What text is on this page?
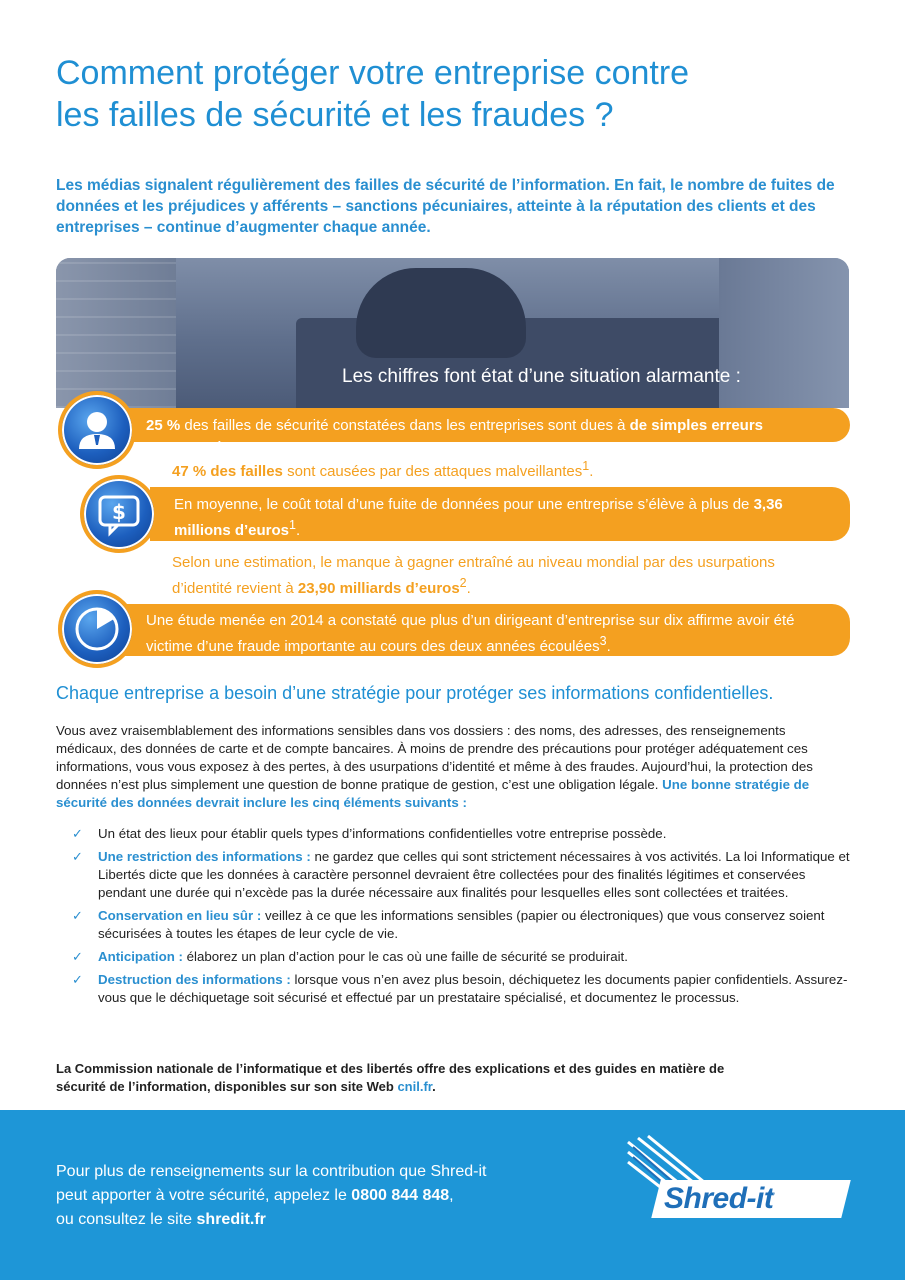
Comment protéger votre entreprise contre
les failles de sécurité et les fraudes ?

Les médias signalent régulièrement des failles de sécurité de l’information. En fait, le nombre de fuites de données et les préjudices y afférents – sanctions pécuniaires, atteinte à la réputation des clients et des entreprises – continue d’augmenter chaque année.

Les chiffres font état d’une situation alarmante :
25 % des failles de sécurité constatées dans les entreprises sont dues à de simples erreurs humaines$^1$.
47 % des failles sont causées par des attaques malveillantes$^1$.
En moyenne, le coût total d’une fuite de données pour une entreprise s’élève à plus de 3,36 millions d’euros$^1$.
$
Selon une estimation, le manque à gagner entraîné au niveau mondial par des usurpations d’identité revient à 23,90 milliards d’euros$^2$.
Une étude menée en 2014 a constaté que plus d’un dirigeant d’entreprise sur dix affirme avoir été victime d’une fraude importante au cours des deux années écoulées$^3$.
Chaque entreprise a besoin d’une stratégie pour protéger ses informations confidentielles.

Vous avez vraisemblablement des informations sensibles dans vos dossiers : des noms, des adresses, des renseignements médicaux, des données de carte et de compte bancaires. À moins de prendre des précautions pour protéger adéquatement ces informations, vous vous exposez à des pertes, à des usurpations d’identité et même à des fraudes. Aujourd’hui, la protection des données n’est plus simplement une question de bonne pratique de gestion, c’est une obligation légale. Une bonne stratégie de sécurité des données devrait inclure les cinq éléments suivants :

✓ Un état des lieux pour établir quels types d’informations confidentielles votre entreprise possède.
✓ Une restriction des informations : ne gardez que celles qui sont strictement nécessaires à vos activités. La loi Informatique et Libertés dicte que les données à caractère personnel devraient être collectées pour des finalités légitimes et conservées pendant une durée qui n’excède pas la durée nécessaire aux finalités pour lesquelles elles sont collectées et traitées.
✓ Conservation en lieu sûr : veillez à ce que les informations sensibles (papier ou électroniques) que vous conservez soient sécurisées à toutes les étapes de leur cycle de vie.
✓ Anticipation : élaborez un plan d’action pour le cas où une faille de sécurité se produirait.
✓ Destruction des informations : lorsque vous n’en avez plus besoin, déchiquetez les documents papier confidentiels. Assurez-vous que le déchiquetage soit sécurisé et effectué par un prestataire spécialisé, et documentez le processus.

La Commission nationale de l’informatique et des libertés offre des explications et des guides en matière de sécurité de l’information, disponibles sur son site Web cnil.fr.

Pour plus de renseignements sur la contribution que Shred-it
peut apporter à votre sécurité, appelez le 0800 844 848,
ou consultez le site shredit.fr

Shred-it®
